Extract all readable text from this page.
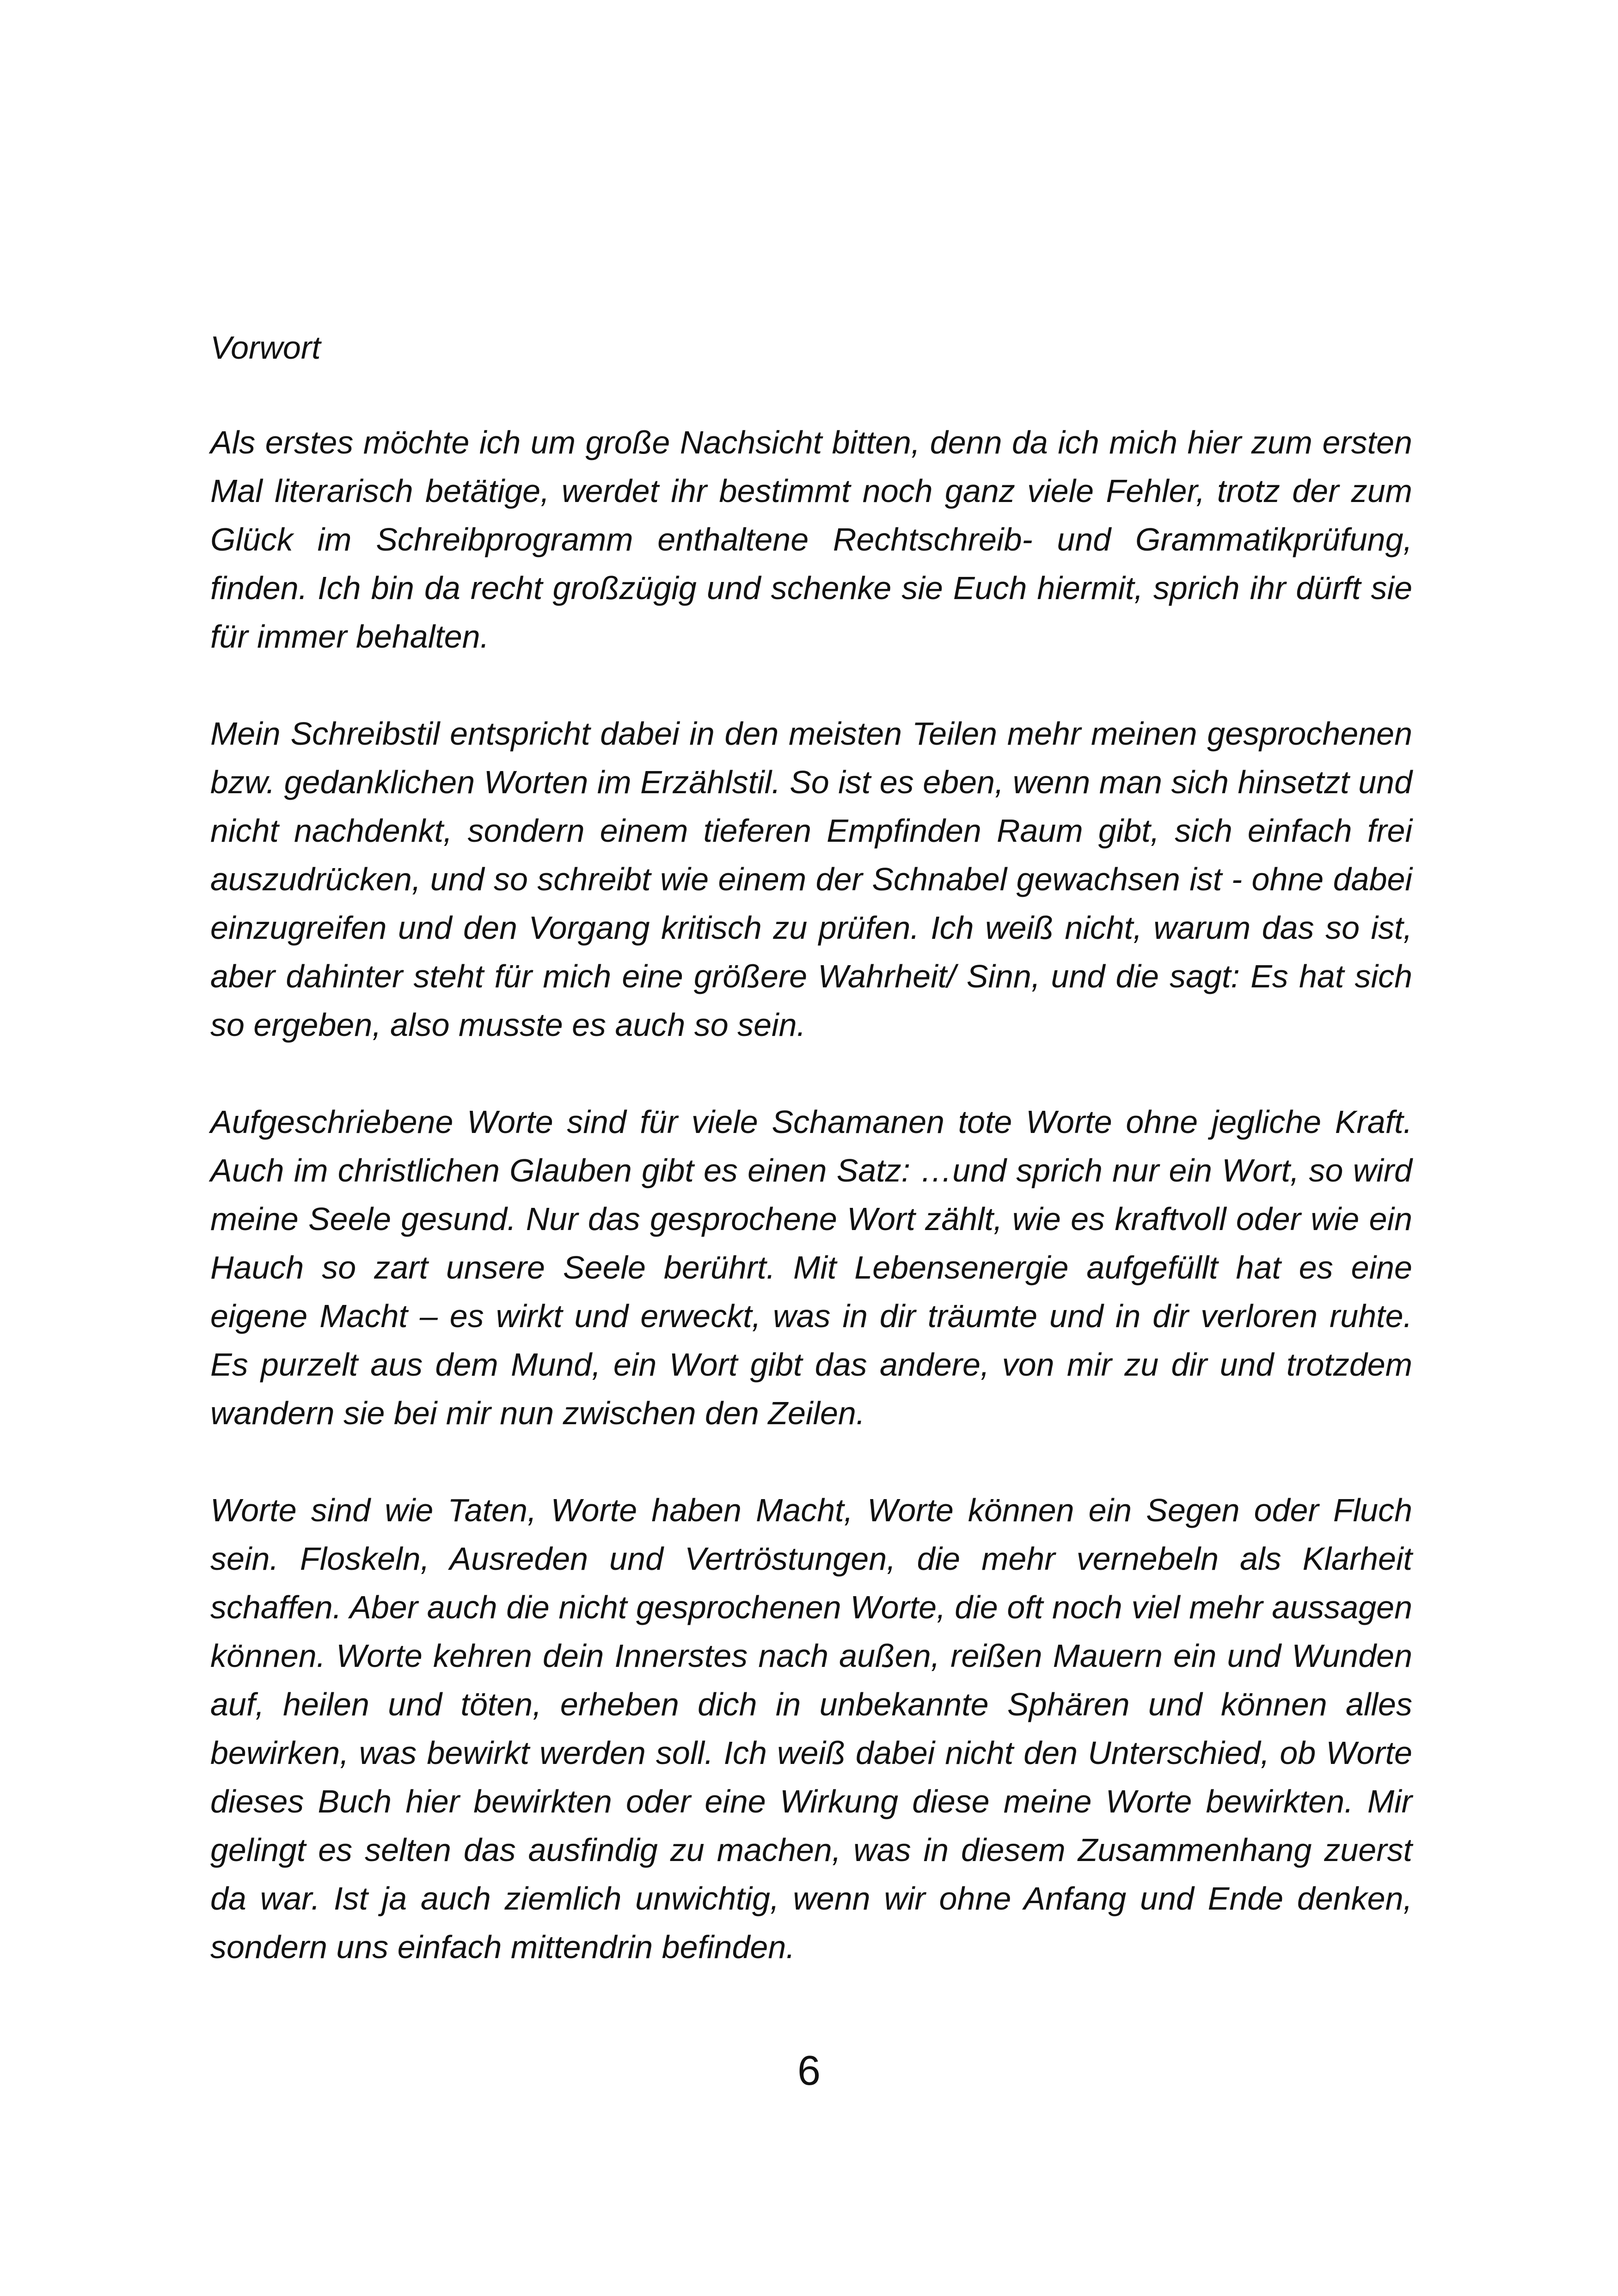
Vorwort

Als erstes möchte ich um große Nachsicht bitten, denn da ich mich hier zum ersten Mal literarisch betätige, werdet ihr bestimmt noch ganz viele Fehler, trotz der zum Glück im Schreibprogramm enthaltene Rechtschreib- und Grammatikprüfung, finden. Ich bin da recht großzügig und schenke sie Euch hiermit, sprich ihr dürft sie für immer behalten.

Mein Schreibstil entspricht dabei in den meisten Teilen mehr meinen gesprochenen bzw. gedanklichen Worten im Erzählstil. So ist es eben, wenn man sich hinsetzt und nicht nachdenkt, sondern einem tieferen Empfinden Raum gibt, sich einfach frei auszudrücken, und so schreibt wie einem der Schnabel gewachsen ist - ohne dabei einzugreifen und den Vorgang kritisch zu prüfen. Ich weiß nicht, warum das so ist, aber dahinter steht für mich eine größere Wahrheit/ Sinn, und die sagt: Es hat sich so ergeben, also musste es auch so sein.

Aufgeschriebene Worte sind für viele Schamanen tote Worte ohne jegliche Kraft. Auch im christlichen Glauben gibt es einen Satz: …und sprich nur ein Wort, so wird meine Seele gesund. Nur das gesprochene Wort zählt, wie es kraftvoll oder wie ein Hauch so zart unsere Seele berührt. Mit Lebensenergie aufgefüllt hat es eine eigene Macht – es wirkt und erweckt, was in dir träumte und in dir verloren ruhte. Es purzelt aus dem Mund, ein Wort gibt das andere, von mir zu dir und trotzdem wandern sie bei mir nun zwischen den Zeilen.

Worte sind wie Taten, Worte haben Macht, Worte können ein Segen oder Fluch sein. Floskeln, Ausreden und Vertröstungen, die mehr vernebeln als Klarheit schaffen. Aber auch die nicht gesprochenen Worte, die oft noch viel mehr aussagen können. Worte kehren dein Innerstes nach außen, reißen Mauern ein und Wunden auf, heilen und töten, erheben dich in unbekannte Sphären und können alles bewirken, was bewirkt werden soll. Ich weiß dabei nicht den Unterschied, ob Worte dieses Buch hier bewirkten oder eine Wirkung diese meine Worte bewirkten. Mir gelingt es selten das ausfindig zu machen, was in diesem Zusammenhang zuerst da war. Ist ja auch ziemlich unwichtig, wenn wir ohne Anfang und Ende denken, sondern uns einfach mittendrin befinden.

6
